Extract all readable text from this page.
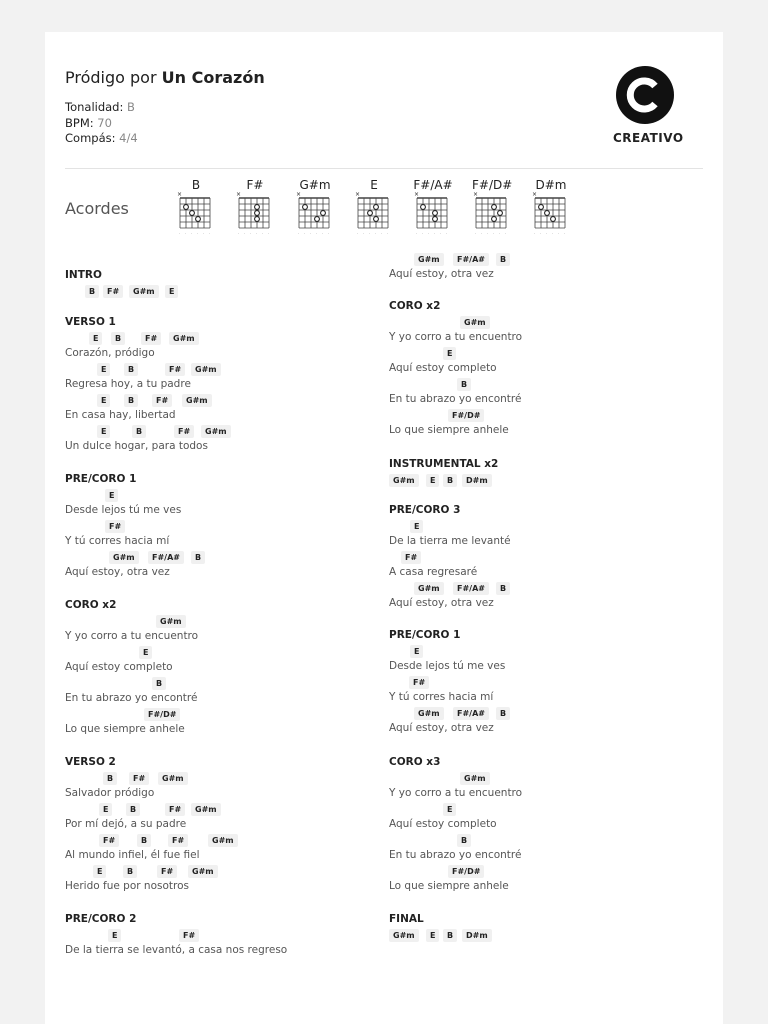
Pródigo por Un Corazón
Tonalidad: B
BPM: 70
Compás: 4/4	CREATIVO
Acordes
B
×
· · · · · ·
F#
×
· · · · · ·
G#m
×
· · · · · ·
E
×
· · · · · ·
F#/A#
×
· · · · · ·
F#/D#
×
· · · · · ·
D#m
×
· · · · · ·
INTRO
B	F#	G#m	E
VERSO 1
E	B	F#	G#m
Corazón, pródigo
E	B	F#	G#m
Regresa hoy, a tu padre
E	B	F#	G#m
En casa hay, libertad
E	B	F#	G#m
Un dulce hogar, para todos
PRE/CORO 1
E
Desde lejos tú me ves
F#
Y tú corres hacia mí
G#m	F#/A#	B
Aquí estoy, otra vez
CORO x2
G#m
Y yo corro a tu encuentro
E
Aquí estoy completo
B
En tu abrazo yo encontré
F#/D#
Lo que siempre anhele
VERSO 2
B	F#	G#m
Salvador pródigo
E	B	F#	G#m
Por mí dejó, a su padre
F#	B	F#	G#m
Al mundo infiel, él fue fiel
E	B	F#	G#m
Herido fue por nosotros
PRE/CORO 2
E	F#
De la tierra se levantó, a casa nos regreso
G#m	F#/A#	B
Aquí estoy, otra vez
CORO x2
G#m
Y yo corro a tu encuentro
E
Aquí estoy completo
B
En tu abrazo yo encontré
F#/D#
Lo que siempre anhele
INSTRUMENTAL x2
G#m	E	B	D#m
PRE/CORO 3
E
De la tierra me levanté
F#
A casa regresaré
G#m	F#/A#	B
Aquí estoy, otra vez
PRE/CORO 1
E
Desde lejos tú me ves
F#
Y tú corres hacia mí
G#m	F#/A#	B
Aquí estoy, otra vez
CORO x3
G#m
Y yo corro a tu encuentro
E
Aquí estoy completo
B
En tu abrazo yo encontré
F#/D#
Lo que siempre anhele
FINAL
G#m	E	B	D#m
